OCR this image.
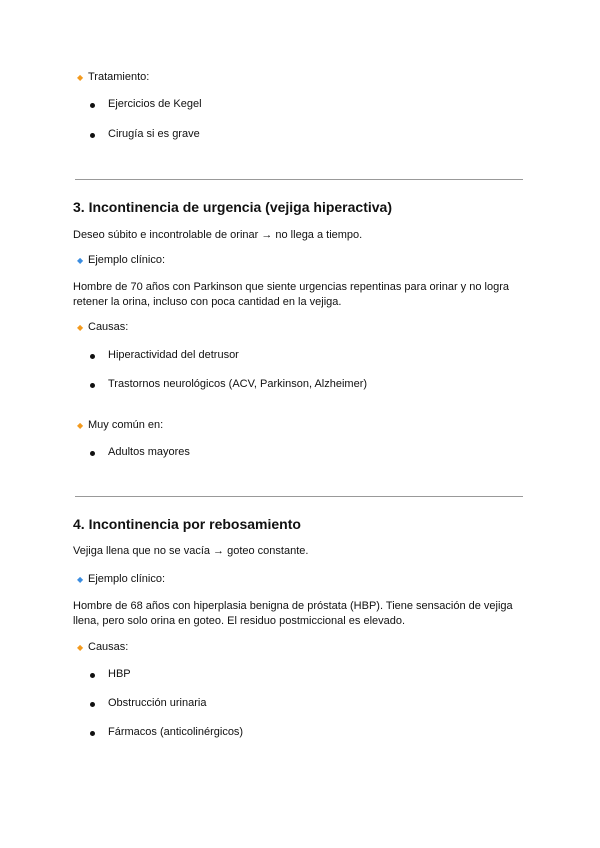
◆ Tratamiento:
Ejercicios de Kegel
Cirugía si es grave
3. Incontinencia de urgencia (vejiga hiperactiva)
Deseo súbito e incontrolable de orinar → no llega a tiempo.
◆ Ejemplo clínico:
Hombre de 70 años con Parkinson que siente urgencias repentinas para orinar y no logra
retener la orina, incluso con poca cantidad en la vejiga.
◆ Causas:
Hiperactividad del detrusor
Trastornos neurológicos (ACV, Parkinson, Alzheimer)
◆ Muy común en:
Adultos mayores
4. Incontinencia por rebosamiento
Vejiga llena que no se vacía → goteo constante.
◆ Ejemplo clínico:
Hombre de 68 años con hiperplasia benigna de próstata (HBP). Tiene sensación de vejiga
llena, pero solo orina en goteo. El residuo postmiccional es elevado.
◆ Causas:
HBP
Obstrucción urinaria
Fármacos (anticolinérgicos)
